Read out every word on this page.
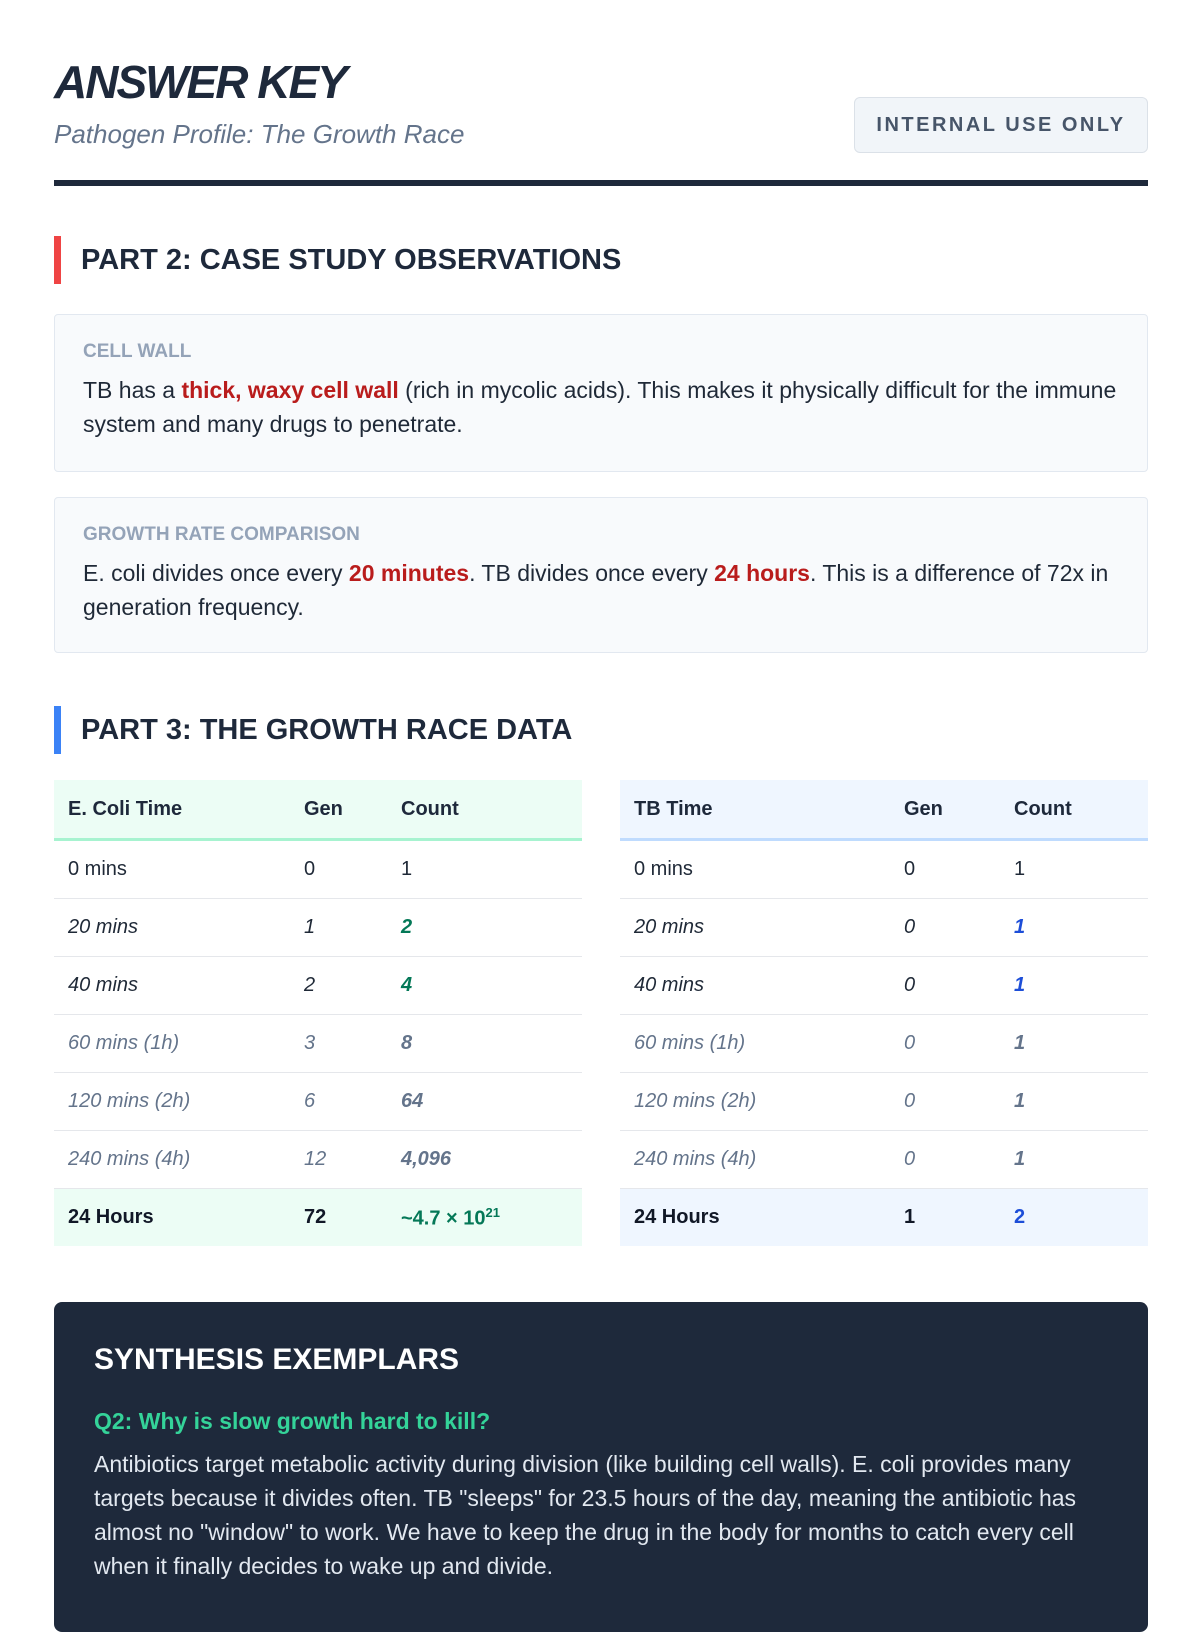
ANSWER KEY
Pathogen Profile: The Growth Race	INTERNAL USE ONLY
PART 2: CASE STUDY OBSERVATIONS
CELL WALL
TB has a thick, waxy cell wall (rich in mycolic acids). This makes it physically difficult for the immune system and many drugs to penetrate.
GROWTH RATE COMPARISON
E. coli divides once every 20 minutes. TB divides once every 24 hours. This is a difference of 72x in generation frequency.
PART 3: THE GROWTH RACE DATA
E. Coli Time	Gen	Count
0 mins	0	1
20 mins	1	2
40 mins	2	4
60 mins (1h)	3	8
120 mins (2h)	6	64
240 mins (4h)	12	4,096
24 Hours	72	~4.7 × $10^{21}$
TB Time	Gen	Count
0 mins	0	1
20 mins	0	1
40 mins	0	1
60 mins (1h)	0	1
120 mins (2h)	0	1
240 mins (4h)	0	1
24 Hours	1	2
SYNTHESIS EXEMPLARS
Q2: Why is slow growth hard to kill?
Antibiotics target metabolic activity during division (like building cell walls). E. coli provides many targets because it divides often. TB "sleeps" for 23.5 hours of the day, meaning the antibiotic has almost no "window" to work. We have to keep the drug in the body for months to catch every cell when it finally decides to wake up and divide.
